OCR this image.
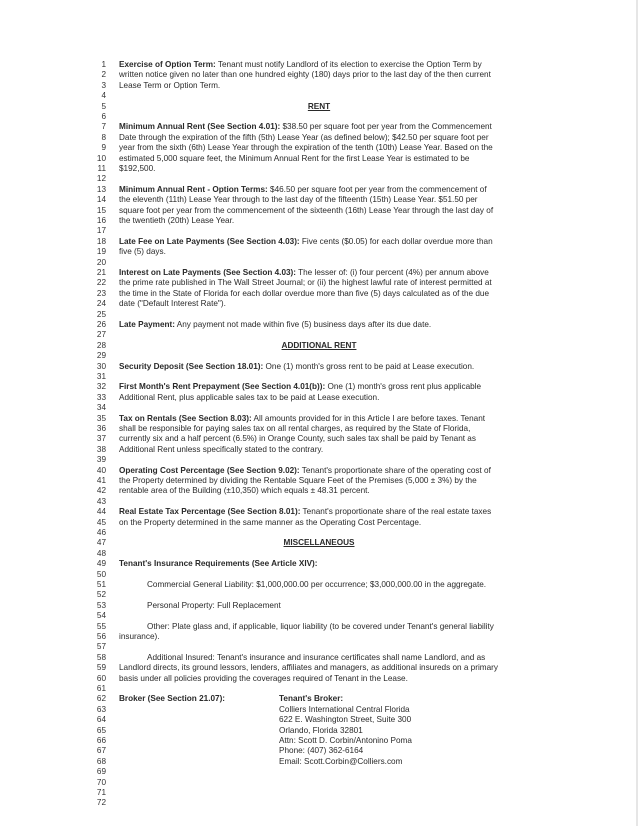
1
2
3
4
5
6
7
8
9
10
11
12
13
14
15
16
17
18
19
20
21
22
23
24
25
26
27
28
29
30
31
32
33
34
35
36
37
38
39
40
41
42
43
44
45
46
47
48
49
50
51
52
53
54
55
56
57
58
59
60
61
62
63
64
65
66
67
68
69
70
71
72

Exercise of Option Term: Tenant must notify Landlord of its election to exercise the Option Term by

written notice given no later than one hundred eighty (180) days prior to the last day of the then current

Lease Term or Option Term.

RENT

Minimum Annual Rent (See Section 4.01): $38.50 per square foot per year from the Commencement

Date through the expiration of the fifth (5th) Lease Year (as defined below); $42.50 per square foot per

year from the sixth (6th) Lease Year through the expiration of the tenth (10th) Lease Year. Based on the

estimated 5,000 square feet, the Minimum Annual Rent for the first Lease Year is estimated to be

$192,500.

Minimum Annual Rent - Option Terms: $46.50 per square foot per year from the commencement of

the eleventh (11th) Lease Year through to the last day of the fifteenth (15th) Lease Year. $51.50 per

square foot per year from the commencement of the sixteenth (16th) Lease Year through the last day of

the twentieth (20th) Lease Year.

Late Fee on Late Payments (See Section 4.03): Five cents ($0.05) for each dollar overdue more than

five (5) days.

Interest on Late Payments (See Section 4.03): The lesser of: (i) four percent (4%) per annum above

the prime rate published in The Wall Street Journal; or (ii) the highest lawful rate of interest permitted at

the time in the State of Florida for each dollar overdue more than five (5) days calculated as of the due

date ("Default Interest Rate").

Late Payment: Any payment not made within five (5) business days after its due date.

ADDITIONAL RENT

Security Deposit (See Section 18.01): One (1) month's gross rent to be paid at Lease execution.

First Month's Rent Prepayment (See Section 4.01(b)): One (1) month's gross rent plus applicable

Additional Rent, plus applicable sales tax to be paid at Lease execution.

Tax on Rentals (See Section 8.03): All amounts provided for in this Article I are before taxes. Tenant

shall be responsible for paying sales tax on all rental charges, as required by the State of Florida,

currently six and a half percent (6.5%) in Orange County, such sales tax shall be paid by Tenant as

Additional Rent unless specifically stated to the contrary.

Operating Cost Percentage (See Section 9.02): Tenant's proportionate share of the operating cost of

the Property determined by dividing the Rentable Square Feet of the Premises (5,000 ± 3%) by the

rentable area of the Building (±10,350) which equals ± 48.31 percent.

Real Estate Tax Percentage (See Section 8.01): Tenant's proportionate share of the real estate taxes

on the Property determined in the same manner as the Operating Cost Percentage.

MISCELLANEOUS

Tenant's Insurance Requirements (See Article XIV):

Commercial General Liability: $1,000,000.00 per occurrence; $3,000,000.00 in the aggregate.

Personal Property: Full Replacement

Other: Plate glass and, if applicable, liquor liability (to be covered under Tenant's general liability

insurance).

Additional Insured: Tenant's insurance and insurance certificates shall name Landlord, and as

Landlord directs, its ground lessors, lenders, affiliates and managers, as additional insureds on a primary

basis under all policies providing the coverages required of Tenant in the Lease.

Broker (See Section 21.07):	Tenant's Broker:

Colliers International Central Florida

622 E. Washington Street, Suite 300

Orlando, Florida 32801

Attn: Scott D. Corbin/Antonino Poma

Phone: (407) 362-6164

Email: Scott.Corbin@Colliers.com
